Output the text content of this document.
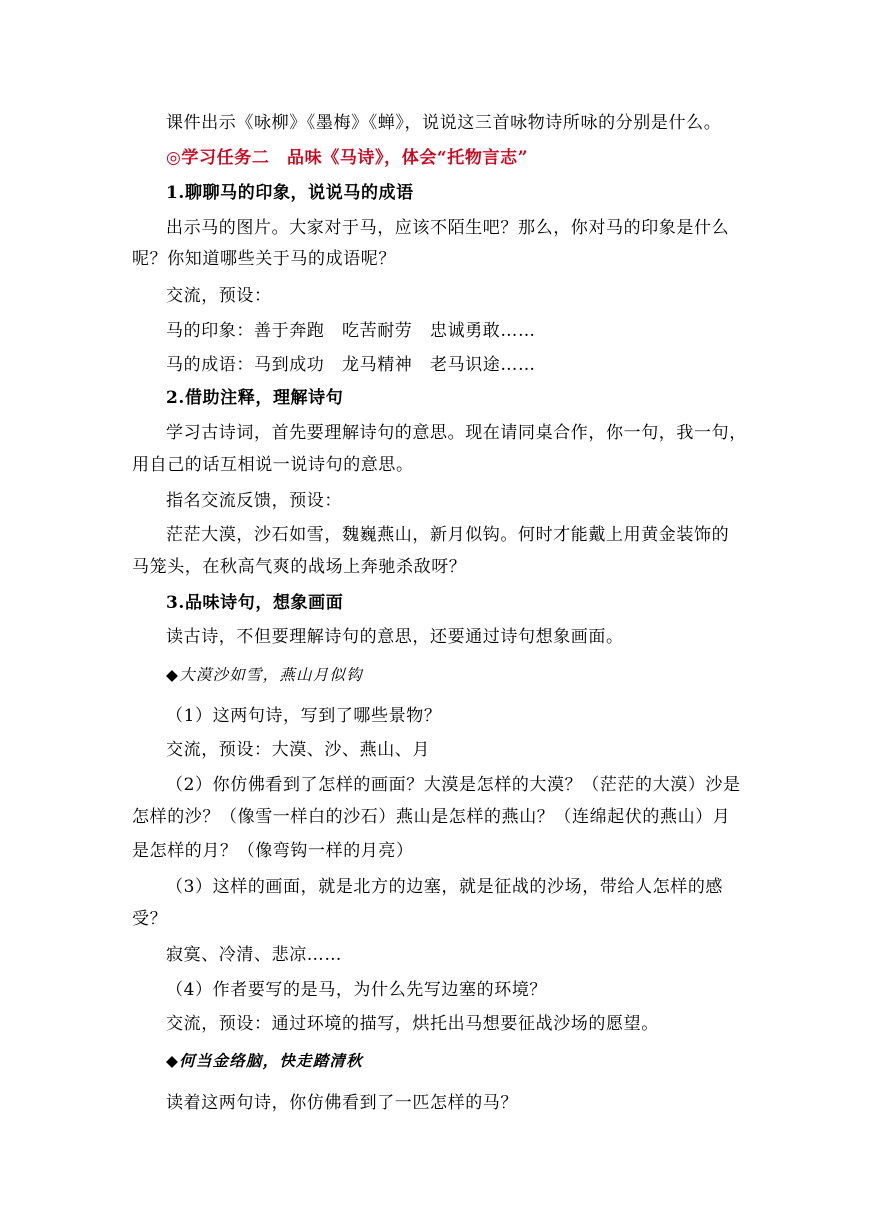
课件出示《咏柳》《墨梅》《蝉》，说说这三首咏物诗所咏的分别是什么。
◎学习任务二　品味《马诗》，体会“托物言志”
1.聊聊马的印象，说说马的成语
出示马的图片。大家对于马，应该不陌生吧？那么，你对马的印象是什么
呢？你知道哪些关于马的成语呢？
交流，预设：
马的印象：善于奔跑　吃苦耐劳　忠诚勇敢……
马的成语：马到成功　龙马精神　老马识途……
2.借助注释，理解诗句
学习古诗词，首先要理解诗句的意思。现在请同桌合作，你一句，我一句，
用自己的话互相说一说诗句的意思。
指名交流反馈，预设：
茫茫大漠，沙石如雪，魏巍燕山，新月似钩。何时才能戴上用黄金装饰的
马笼头，在秋高气爽的战场上奔驰杀敌呀？
3.品味诗句，想象画面
读古诗，不但要理解诗句的意思，还要通过诗句想象画面。
◆大漠沙如雪，燕山月似钩
（1）这两句诗，写到了哪些景物？
交流，预设：大漠、沙、燕山、月
（2）你仿佛看到了怎样的画面？大漠是怎样的大漠？（茫茫的大漠）沙是
怎样的沙？（像雪一样白的沙石）燕山是怎样的燕山？（连绵起伏的燕山）月
是怎样的月？（像弯钩一样的月亮）
（3）这样的画面，就是北方的边塞，就是征战的沙场，带给人怎样的感
受？
寂寞、冷清、悲凉……
（4）作者要写的是马，为什么先写边塞的环境？
交流，预设：通过环境的描写，烘托出马想要征战沙场的愿望。
◆何当金络脑，快走踏清秋
读着这两句诗，你仿佛看到了一匹怎样的马？
